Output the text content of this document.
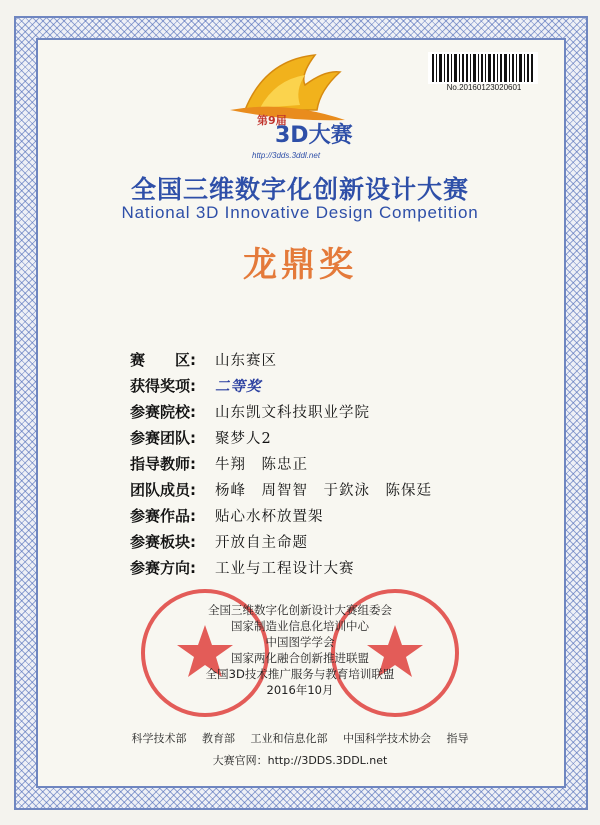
No.20160123020601
第9届
3D大赛
http://3dds.3ddl.net
全国三维数字化创新设计大赛
National 3D Innovative Design Competition
龙鼎奖
赛　　区:	山东赛区
获得奖项:	二等奖
参赛院校:	山东凯文科技职业学院
参赛团队:	聚梦人2
指导教师:	牛翔　陈忠正
团队成员:	杨峰　周智智　于欽泳　陈保廷
参赛作品:	贴心水杯放置架
参赛板块:	开放自主命题
参赛方向:	工业与工程设计大赛
全国三维数字化创新设计大赛组委会
国家制造业信息化培训中心
中国图学学会
国家两化融合创新推进联盟
全国3D技术推广服务与教育培训联盟
2016年10月
科学技术部 教育部 工业和信息化部 中国科学技术协会 指导
大赛官网：http://3DDS.3DDL.net
